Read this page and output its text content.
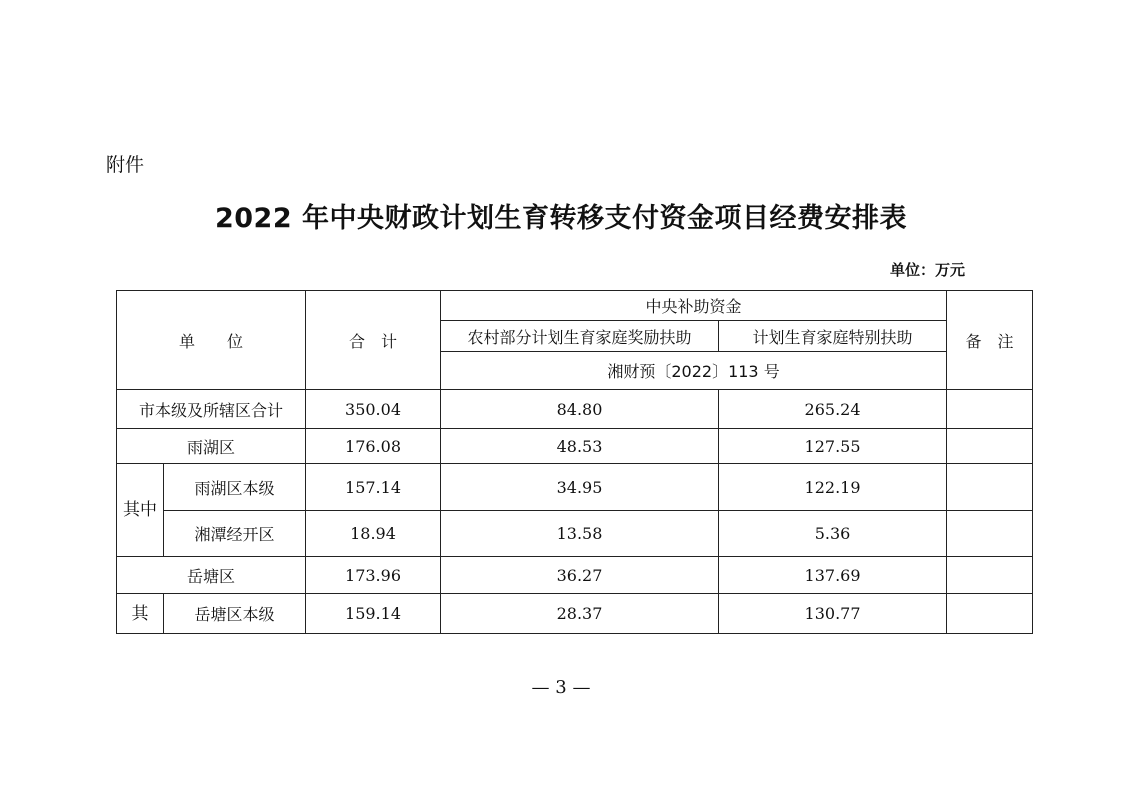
附件
2022 年中央财政计划生育转移支付资金项目经费安排表
单位：万元
单　　位		合　计	中央补助资金		备　注
			农村部分计划生育家庭奖励扶助	计划生育家庭特别扶助	
			湘财预〔2022〕113 号		
市本级及所辖区合计		350.04	84.80	265.24	
雨湖区		176.08	48.53	127.55	
其中	雨湖区本级	157.14	34.95	122.19	
	湘潭经开区	18.94	13.58	5.36	
岳塘区		173.96	36.27	137.69	
其	岳塘区本级	159.14	28.37	130.77	
— 3 —
